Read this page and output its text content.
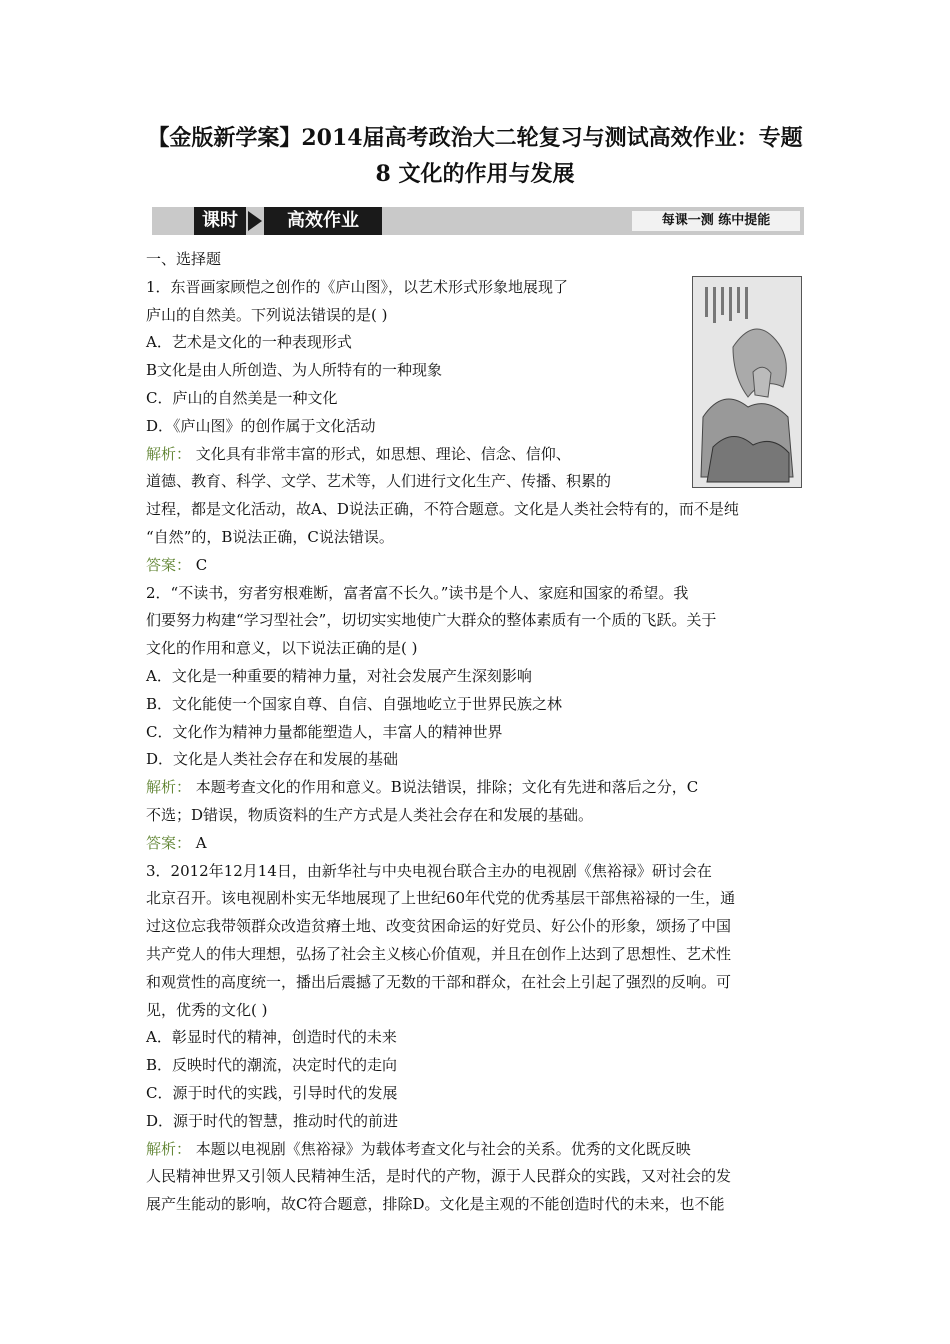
【金版新学案】2014届高考政治大二轮复习与测试高效作业：专题
8 文化的作用与发展
课时	高效作业	每课一测 练中提能
一、选择题
1．东晋画家顾恺之创作的《庐山图》，以艺术形式形象地展现了
庐山的自然美。下列说法错误的是( )
A．艺术是文化的一种表现形式
B文化是由人所创造、为人所特有的一种现象
C．庐山的自然美是一种文化
D．《庐山图》的创作属于文化活动
解析： 文化具有非常丰富的形式，如思想、理论、信念、信仰、
道德、教育、科学、文学、艺术等，人们进行文化生产、传播、积累的
过程，都是文化活动，故A、D说法正确，不符合题意。文化是人类社会特有的，而不是纯
“自然”的，B说法正确，C说法错误。
答案： C
2．“不读书，穷者穷根难断，富者富不长久。”读书是个人、家庭和国家的希望。我
们要努力构建“学习型社会”，切切实实地使广大群众的整体素质有一个质的飞跃。关于
文化的作用和意义，以下说法正确的是( )
A．文化是一种重要的精神力量，对社会发展产生深刻影响
B．文化能使一个国家自尊、自信、自强地屹立于世界民族之林
C．文化作为精神力量都能塑造人，丰富人的精神世界
D．文化是人类社会存在和发展的基础
解析： 本题考查文化的作用和意义。B说法错误，排除；文化有先进和落后之分，C
不选；D错误，物质资料的生产方式是人类社会存在和发展的基础。
答案： A
3．2012年12月14日，由新华社与中央电视台联合主办的电视剧《焦裕禄》研讨会在
北京召开。该电视剧朴实无华地展现了上世纪60年代党的优秀基层干部焦裕禄的一生，通
过这位忘我带领群众改造贫瘠土地、改变贫困命运的好党员、好公仆的形象，颂扬了中国
共产党人的伟大理想，弘扬了社会主义核心价值观，并且在创作上达到了思想性、艺术性
和观赏性的高度统一，播出后震撼了无数的干部和群众，在社会上引起了强烈的反响。可
见，优秀的文化( )
A．彰显时代的精神，创造时代的未来
B．反映时代的潮流，决定时代的走向
C．源于时代的实践，引导时代的发展
D．源于时代的智慧，推动时代的前进
解析： 本题以电视剧《焦裕禄》为载体考查文化与社会的关系。优秀的文化既反映
人民精神世界又引领人民精神生活，是时代的产物，源于人民群众的实践，又对社会的发
展产生能动的影响，故C符合题意，排除D。文化是主观的不能创造时代的未来，也不能
